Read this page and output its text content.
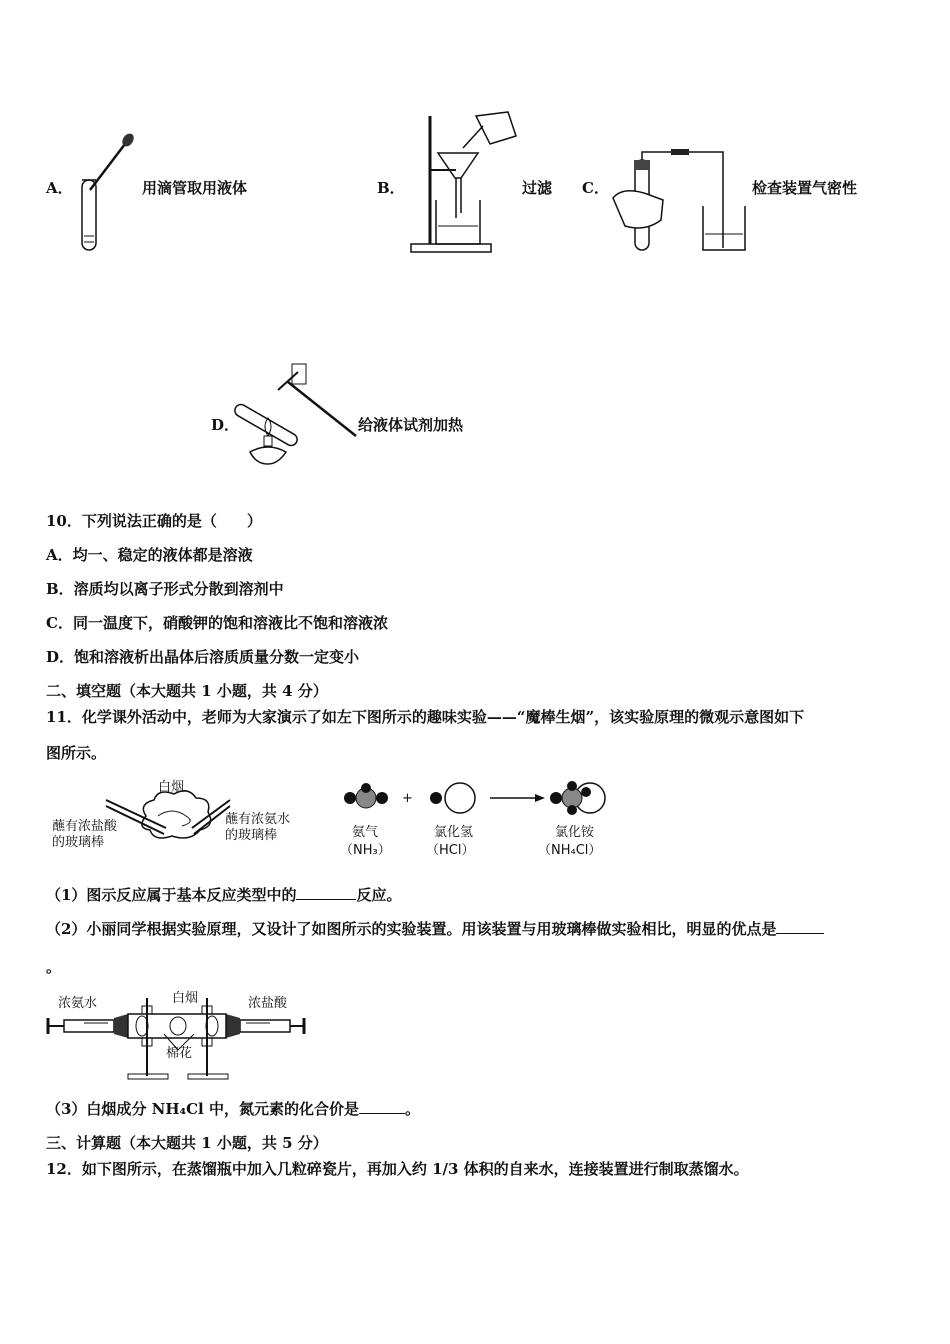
A．	用滴管取用液体	B．	过滤 C．	检查装置气密性
D．	给液体试剂加热
10．下列说法正确的是（　　）
A．均一、稳定的液体都是溶液
B．溶质均以离子形式分散到溶剂中
C．同一温度下，硝酸钾的饱和溶液比不饱和溶液浓
D．饱和溶液析出晶体后溶质质量分数一定变小
二、填空题（本大题共 1 小题，共 4 分）
11．化学课外活动中，老师为大家演示了如左下图所示的趣味实验——“魔棒生烟”，该实验原理的微观示意图如下
图所示。
白烟
蘸有浓盐酸
的玻璃棒
蘸有浓氨水
的玻璃棒
+
氨气
（NH₃）
氯化氢
（HCl）
氯化铵
（NH₄Cl）
（1）图示反应属于基本反应类型中的	反应。
（2）小丽同学根据实验原理，又设计了如图所示的实验装置。用该装置与用玻璃棒做实验相比，明显的优点是
。
浓氨水	白烟	浓盐酸
棉花
（3）白烟成分 NH₄Cl 中，氮元素的化合价是	。
三、计算题（本大题共 1 小题，共 5 分）
12．如下图所示，在蒸馏瓶中加入几粒碎瓷片，再加入约 1/3 体积的自来水，连接装置进行制取蒸馏水。
